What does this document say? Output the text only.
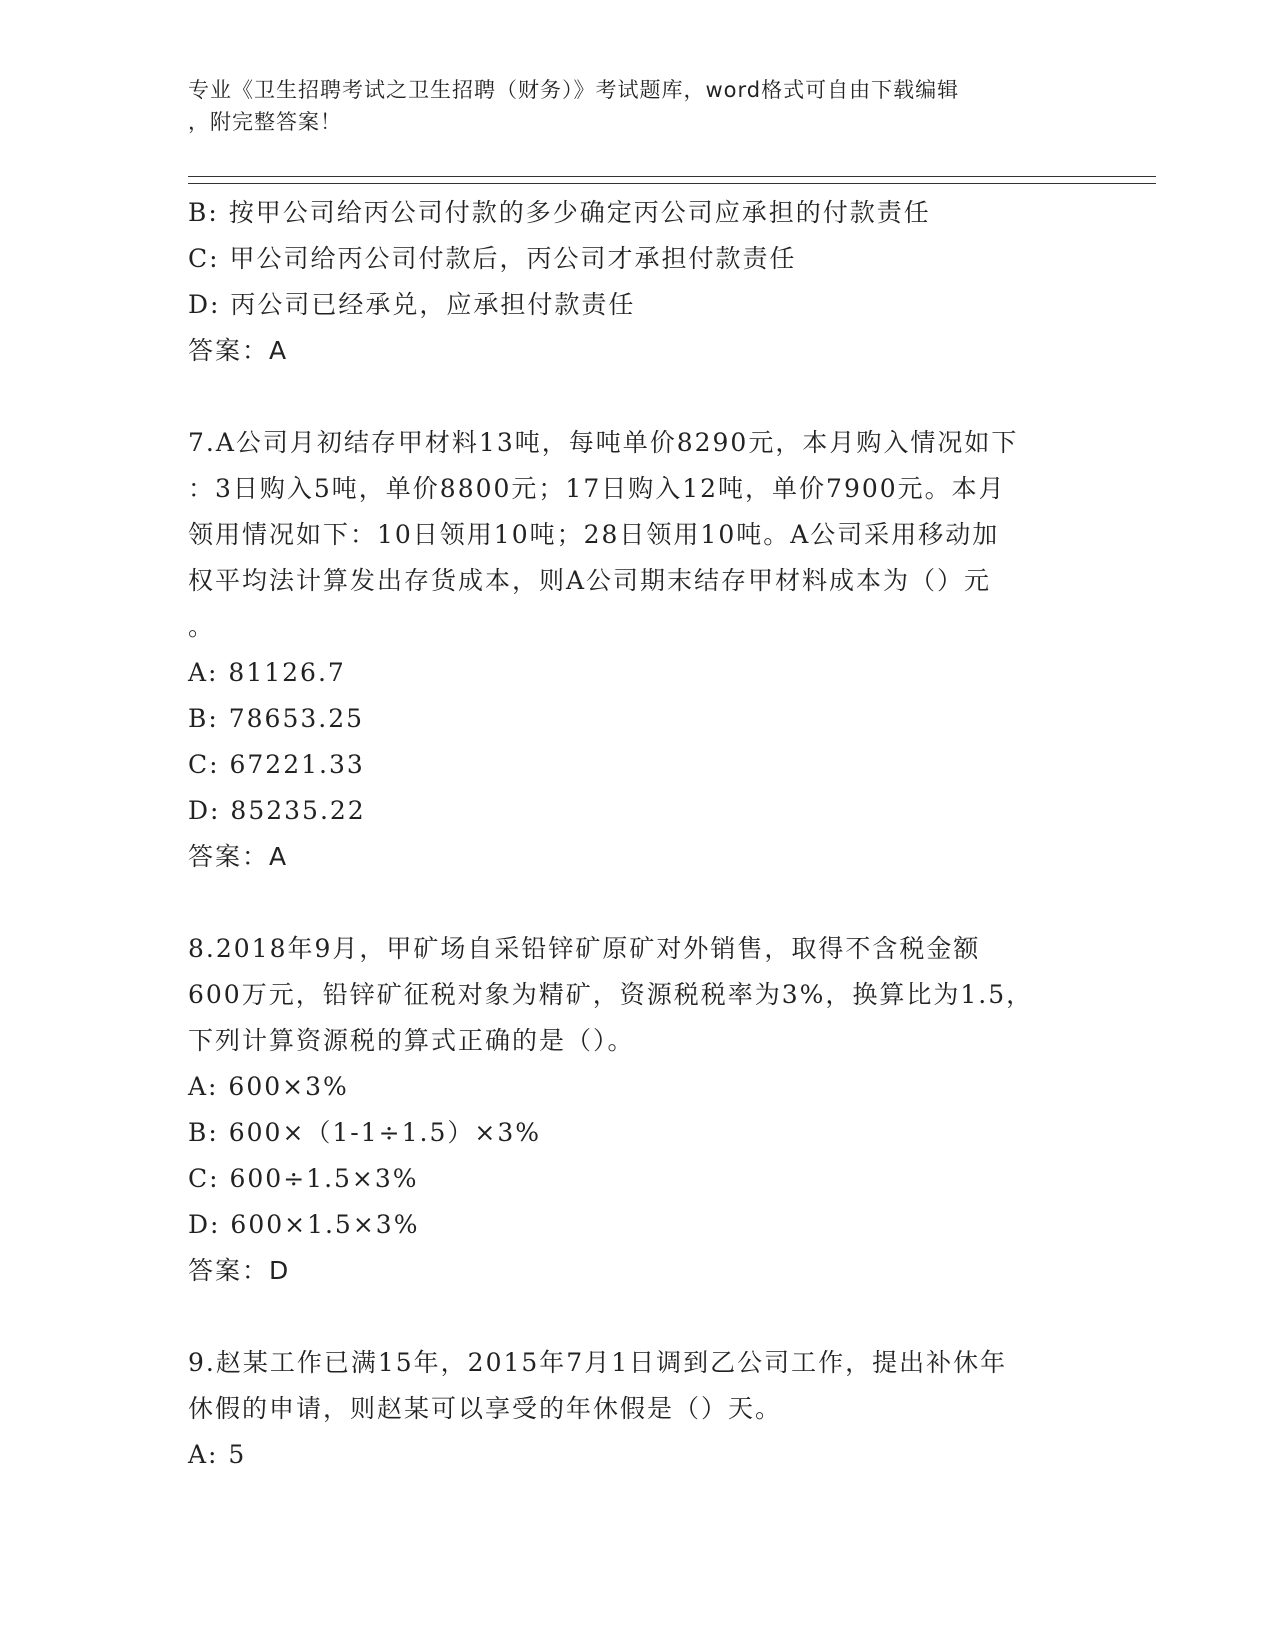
专业《卫生招聘考试之卫生招聘（财务）》考试题库，word格式可自由下载编辑
，附完整答案！
B: 按甲公司给丙公司付款的多少确定丙公司应承担的付款责任
C: 甲公司给丙公司付款后，丙公司才承担付款责任
D: 丙公司已经承兑，应承担付款责任
答案：A
7.A公司月初结存甲材料13吨，每吨单价8290元，本月购入情况如下
：3日购入5吨，单价8800元；17日购入12吨，单价7900元。本月
领用情况如下：10日领用10吨；28日领用10吨。A公司采用移动加
权平均法计算发出存货成本，则A公司期末结存甲材料成本为（）元
。
A: 81126.7
B: 78653.25
C: 67221.33
D: 85235.22
答案：A
8.2018年9月，甲矿场自采铅锌矿原矿对外销售，取得不含税金额
600万元，铅锌矿征税对象为精矿，资源税税率为3%，换算比为1.5，
下列计算资源税的算式正确的是（）。
A: 600×3%
B: 600×（1-1÷1.5）×3%
C: 600÷1.5×3%
D: 600×1.5×3%
答案：D
9.赵某工作已满15年，2015年7月1日调到乙公司工作，提出补休年
休假的申请，则赵某可以享受的年休假是（）天。
A: 5
